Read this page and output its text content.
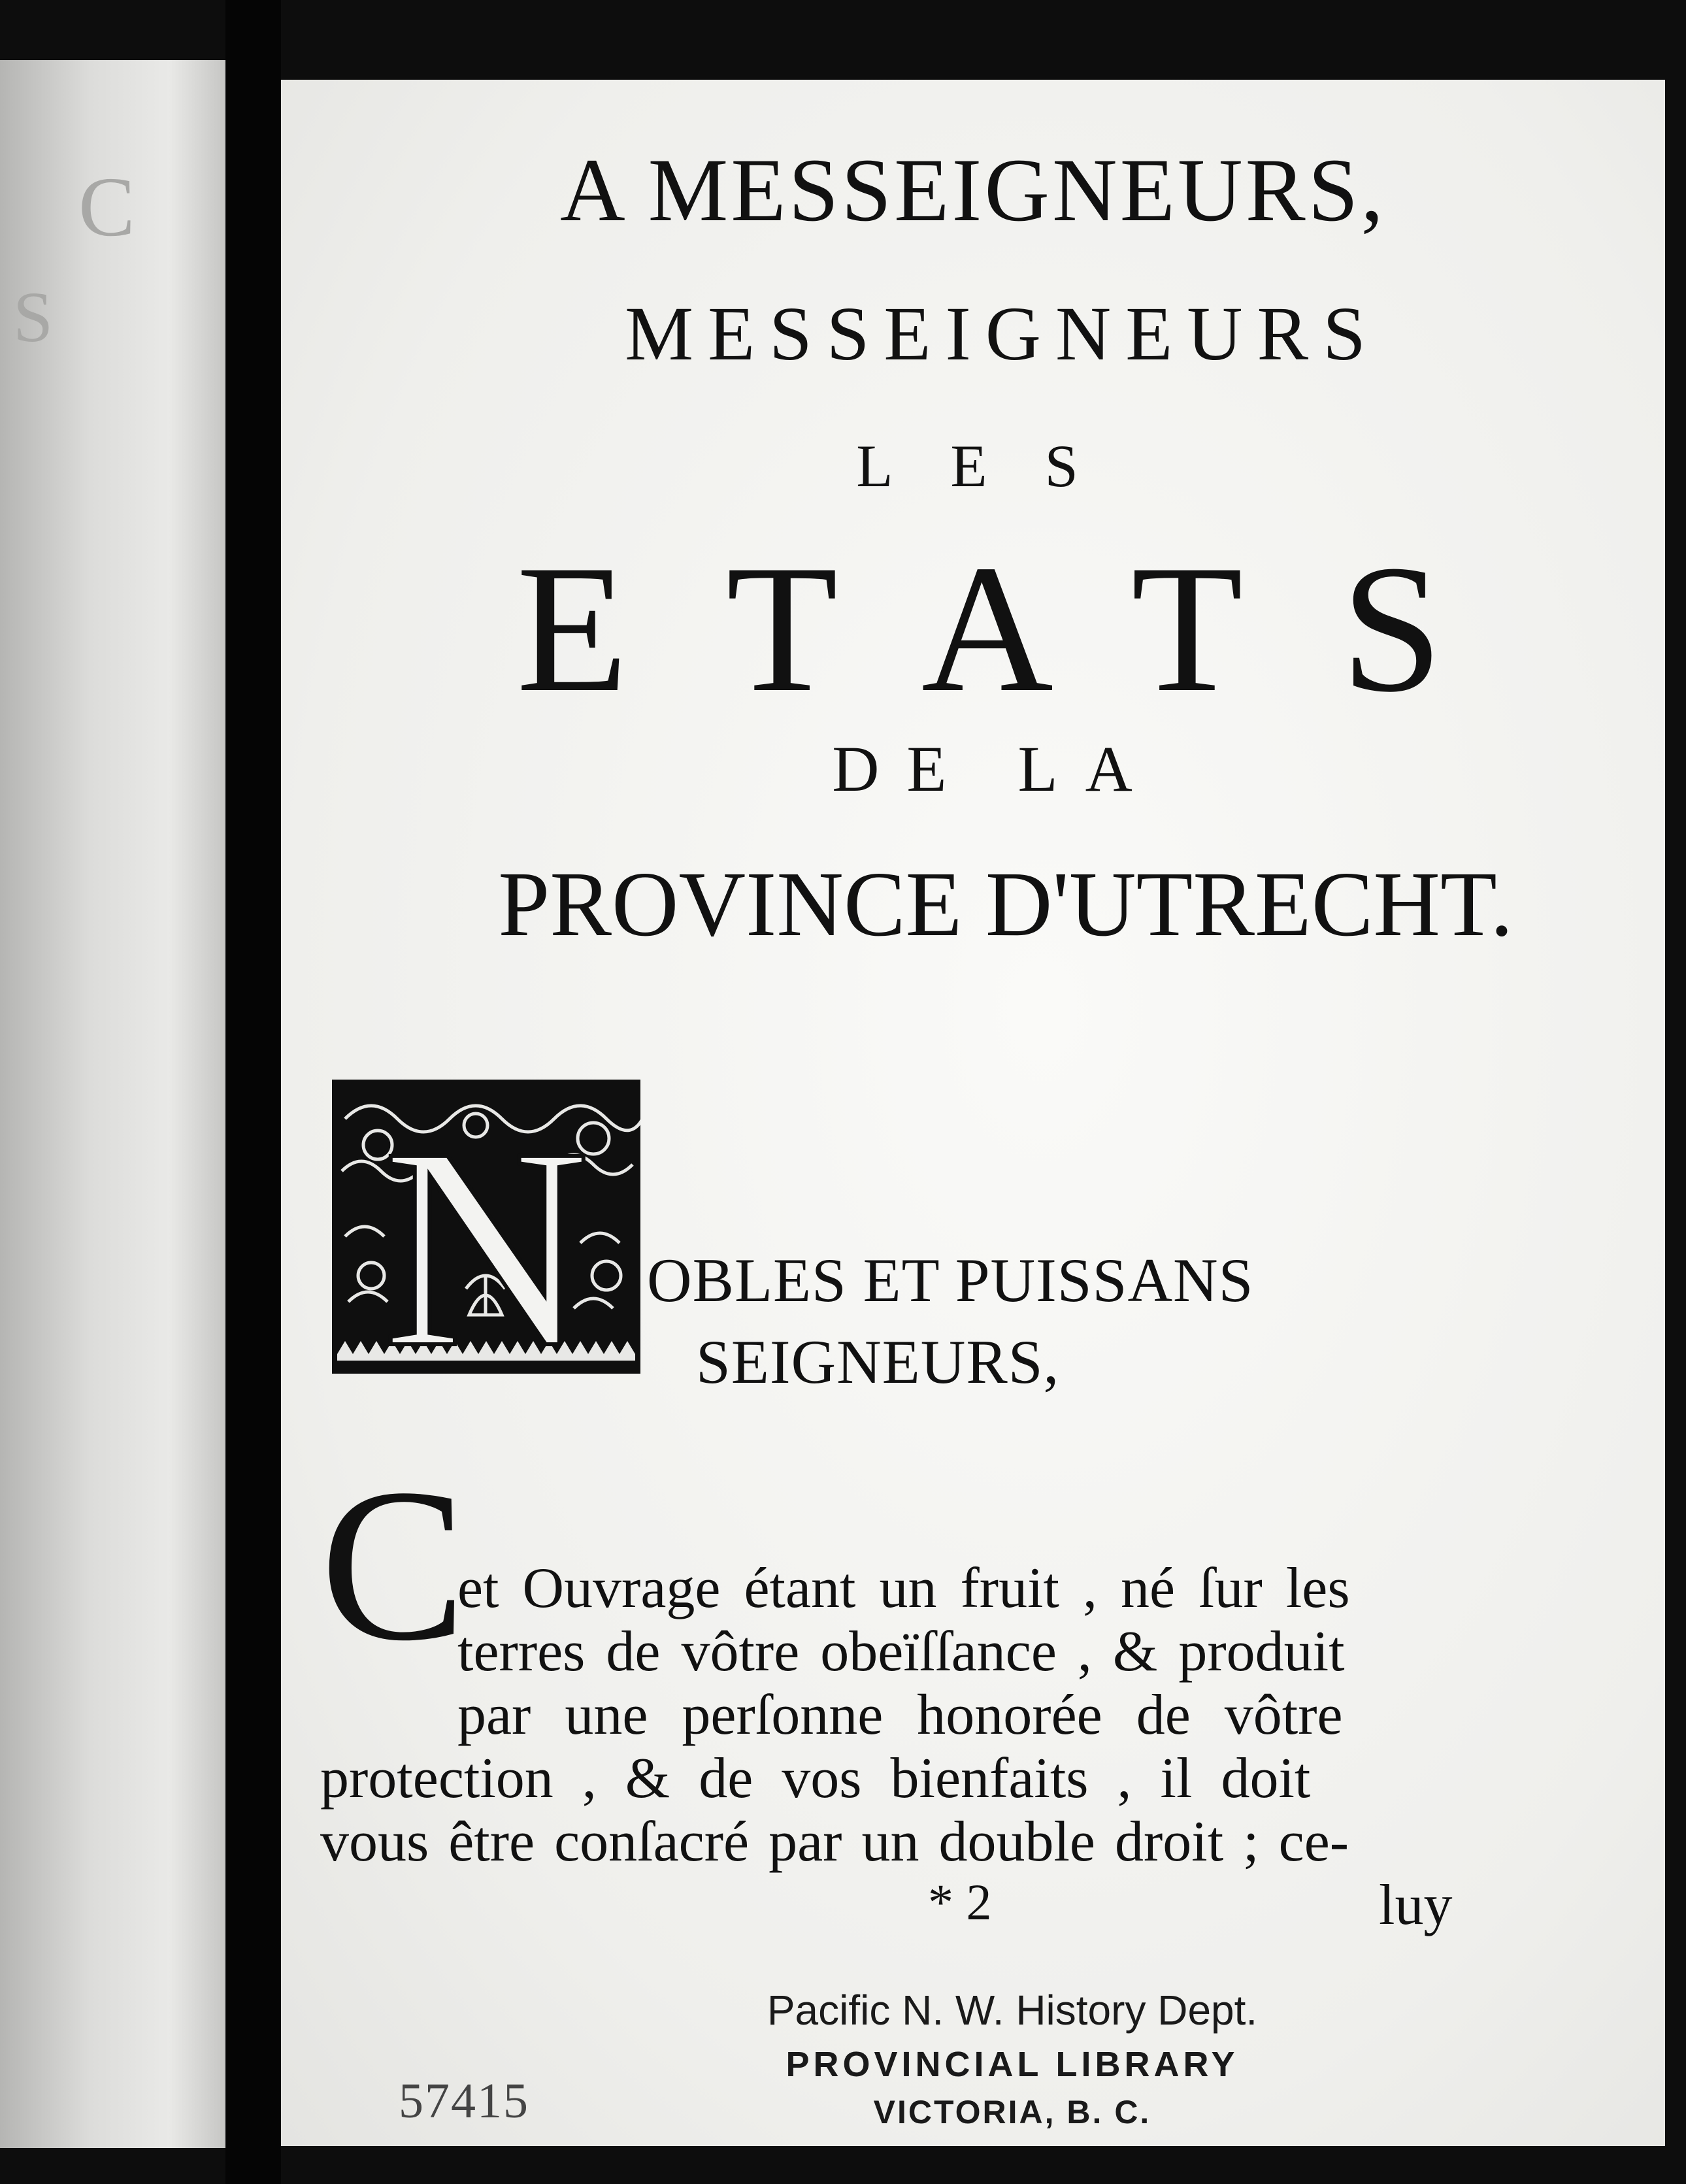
C
S
A MESSEIGNEURS,
MESSEIGNEURS
LES
ETATS
DE LA
PROVINCE D'UTRECHT.
N OBLES ET PUISSANS
SEIGNEURS,
C
et Ouvrage étant un fruit , né ſur les
terres de vôtre obeïſſance , & produit
par une perſonne honorée de vôtre
protection , & de vos bienfaits , il doit
vous être conſacré par un double droit ; ce-
* 2	luy
Pacific N. W. History Dept.
PROVINCIAL LIBRARY
VICTORIA, B. C.
57415
